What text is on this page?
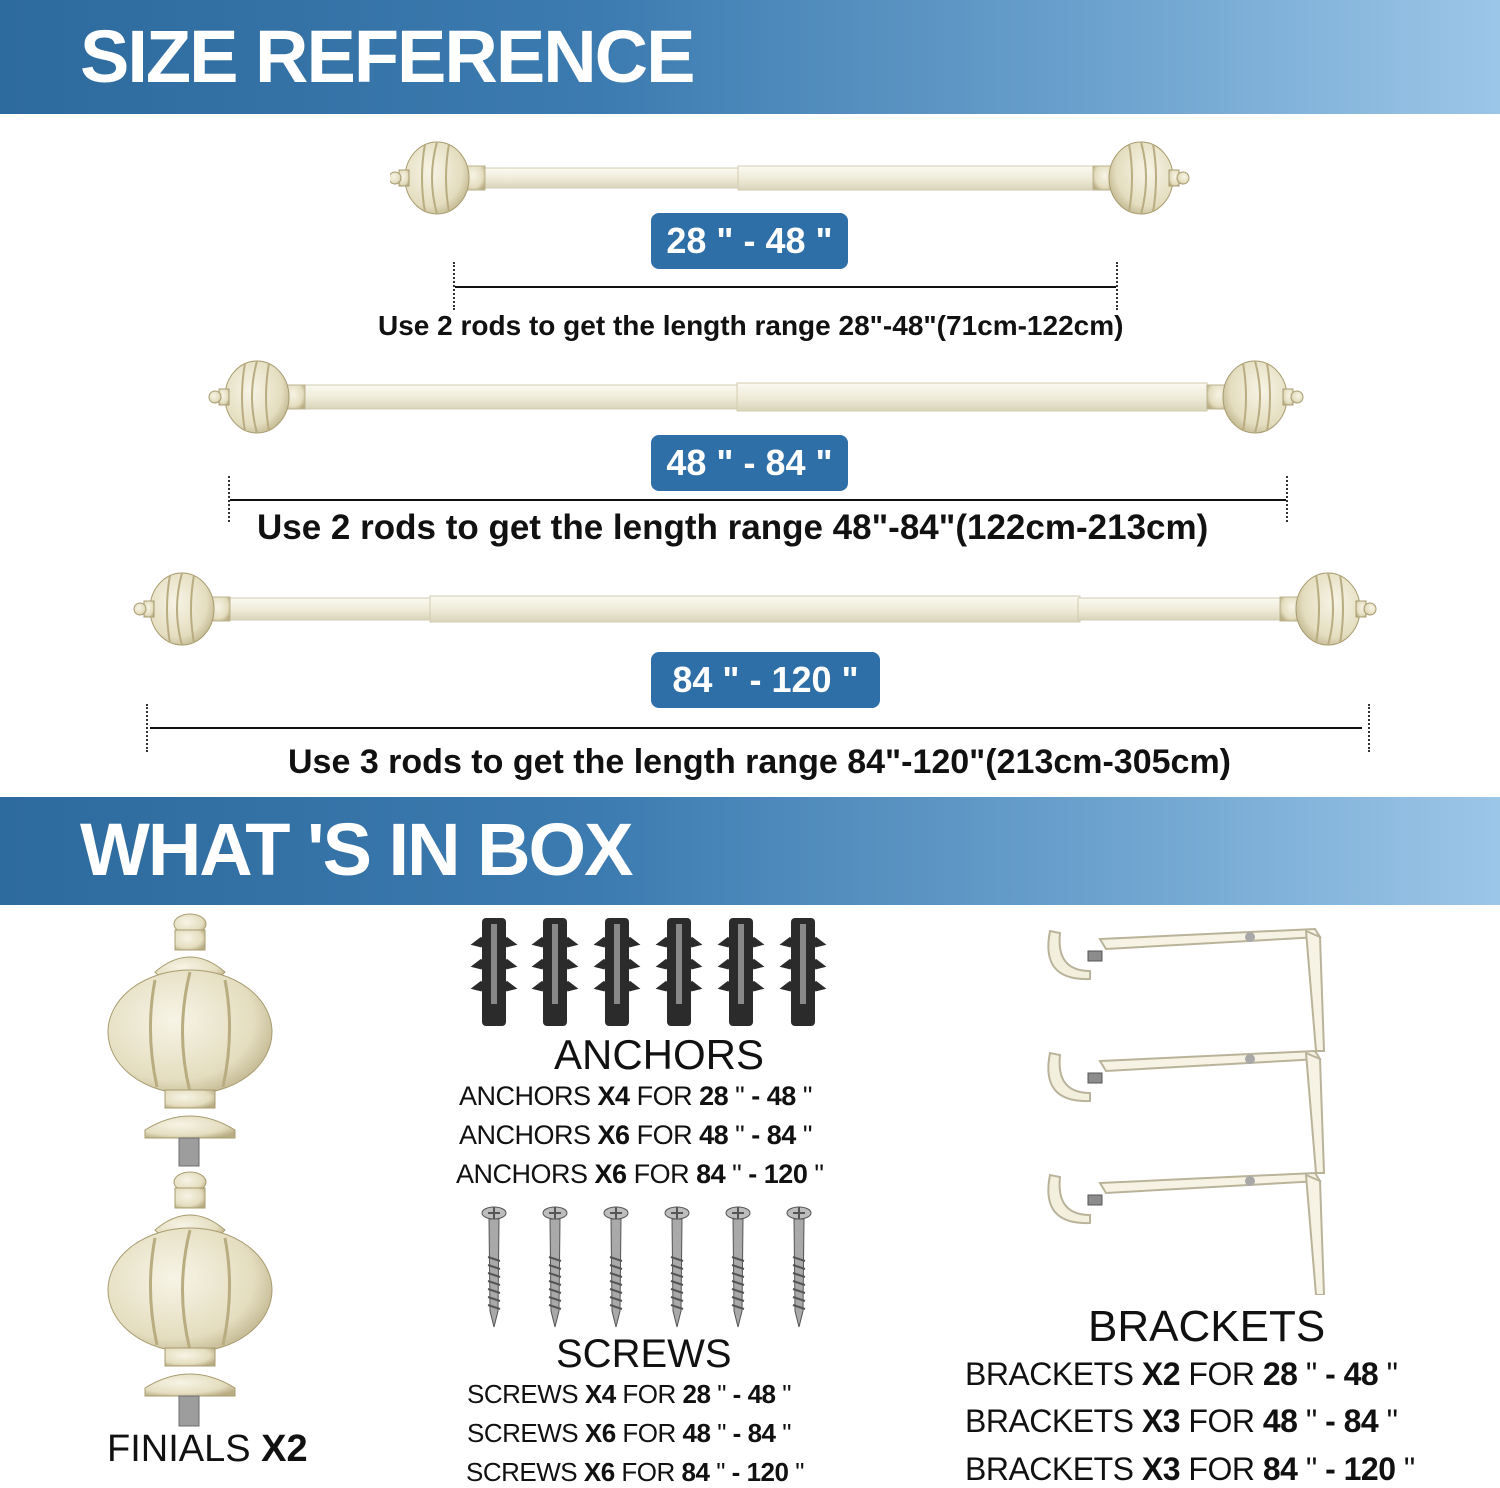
SIZE REFERENCE
28 " - 48 "
Use 2 rods to get the length range 28"-48"(71cm-122cm)
48 " - 84 "
Use 2 rods to get the length range 48"-84"(122cm-213cm)
84 " - 120 "
Use 3 rods to get the length range 84"-120"(213cm-305cm)
WHAT 'S IN BOX
FINIALS X2
ANCHORS
ANCHORS X4 FOR 28 " - 48 "
ANCHORS X6 FOR 48 " - 84 "
ANCHORS X6 FOR 84 " - 120 "
SCREWS
SCREWS X4 FOR 28 " - 48 "
SCREWS X6 FOR 48 " - 84 "
SCREWS X6 FOR 84 " - 120 "
BRACKETS
BRACKETS X2 FOR 28 " - 48 "
BRACKETS X3 FOR 48 " - 84 "
BRACKETS X3 FOR 84 " - 120 "
